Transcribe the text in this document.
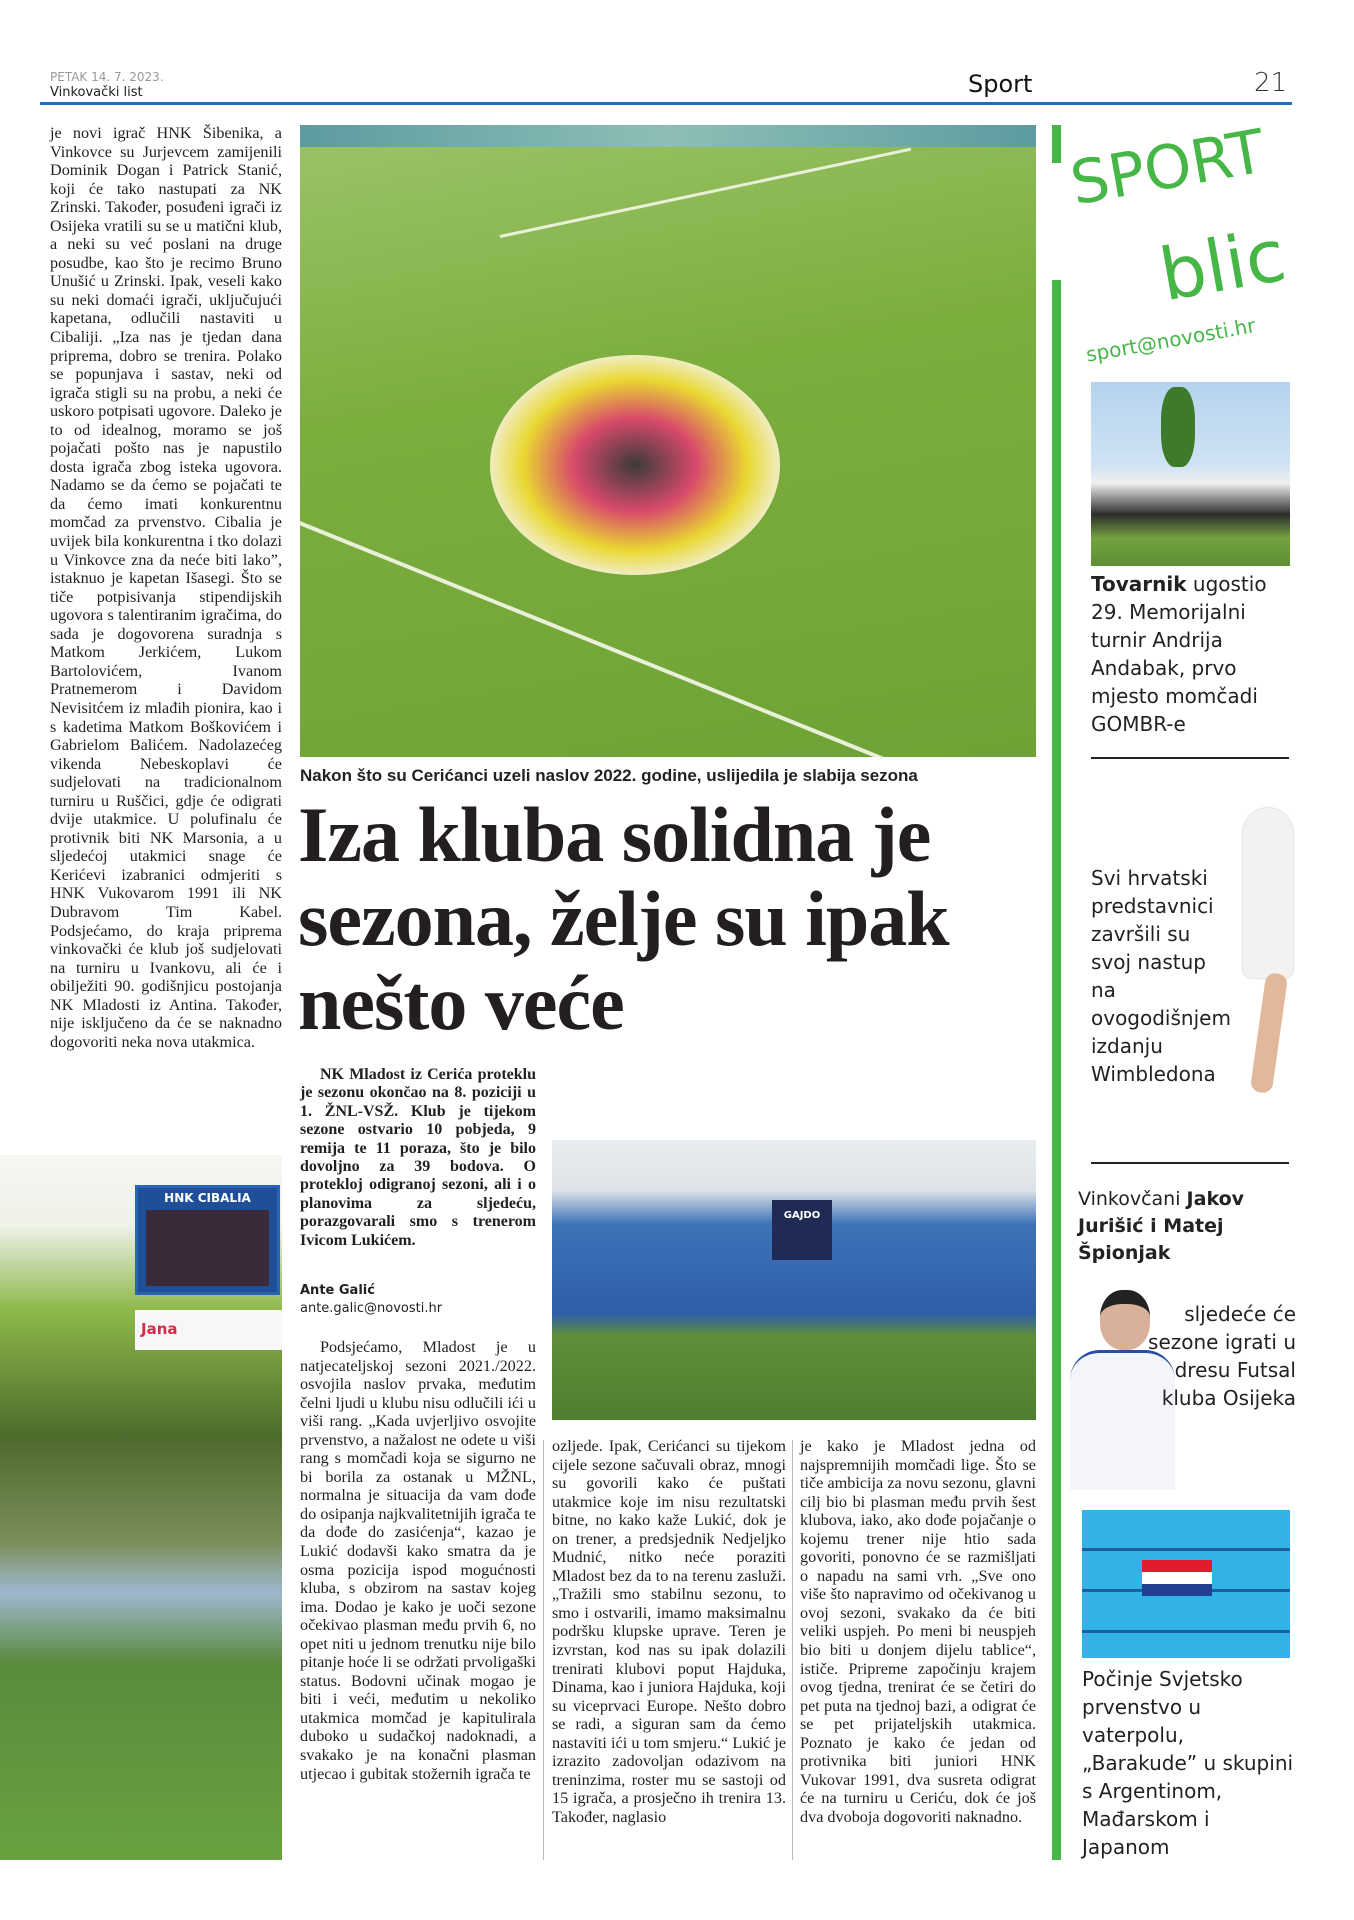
PETAK 14. 7. 2023.
Vinkovački list	Sport	21
je novi igrač HNK Šibenika, a Vinkovce su Jurjevcem zamijenili Dominik Dogan i Patrick Stanić, koji će tako nastupati za NK Zrinski. Također, posuđeni igrači iz Osijeka vratili su se u matični klub, a neki su već poslani na druge posudbe, kao što je recimo Bruno Unušić u Zrinski. Ipak, veseli kako su neki domaći igrači, uključujući kapetana, odlučili nastaviti u Cibaliji. „Iza nas je tjedan dana priprema, dobro se trenira. Polako se popunjava i sastav, neki od igrača stigli su na probu, a neki će uskoro potpisati ugovore. Daleko je to od idealnog, moramo se još pojačati pošto nas je napustilo dosta igrača zbog isteka ugovora. Nadamo se da ćemo se pojačati te da ćemo imati konkurentnu momčad za prvenstvo. Cibalia je uvijek bila konkurentna i tko dolazi u Vinkovce zna da neće biti lako”, istaknuo je kapetan Išasegi. Što se tiče potpisivanja stipendijskih ugovora s talentiranim igračima, do sada je dogovorena suradnja s Matkom Jerkićem, Lukom Bartolovićem, Ivanom Pratnemerom i Davidom Nevisitćem iz mlađih pionira, kao i s kadetima Matkom Boškovićem i Gabrielom Balićem. Nadolazećeg vikenda Nebeskoplavi će sudjelovati na tradicionalnom turniru u Ruščici, gdje će odigrati dvije utakmice. U polufinalu će protivnik biti NK Marsonia, a u sljedećoj utakmici snage će Kerićevi izabranici odmjeriti s HNK Vukovarom 1991 ili NK Dubravom Tim Kabel. Podsjećamo, do kraja priprema vinkovački će klub još sudjelovati na turniru u Ivankovu, ali će i obilježiti 90. godišnjicu postojanja NK Mladosti iz Antina. Također, nije isključeno da će se naknadno dogovoriti neka nova utakmica.
HNK CIBALIA
Jana
Nakon što su Cerićanci uzeli naslov 2022. godine, uslijedila je slabija sezona
Iza kluba solidna je sezona, želje su ipak nešto veće
NK Mladost iz Cerića proteklu je sezonu okončao na 8. poziciji u 1. ŽNL-VSŽ. Klub je tijekom sezone ostvario 10 pobjeda, 9 remija te 11 poraza, što je bilo dovoljno za 39 bodova. O protekloj odigranoj sezoni, ali i o planovima za sljedeću, porazgovarali smo s trenerom Ivicom Lukićem.
Ante Galić
ante.galic@novosti.hr
Podsjećamo, Mladost je u natjecateljskoj sezoni 2021./2022. osvojila naslov prvaka, međutim čelni ljudi u klubu nisu odlučili ići u viši rang. „Kada uvjerljivo osvojite prvenstvo, a nažalost ne odete u viši rang s momčadi koja se sigurno ne bi borila za ostanak u MŽNL, normalna je situacija da vam dođe do osipanja najkvalitetnijih igrača te da dođe do zasićenja“, kazao je Lukić dodavši kako smatra da je osma pozicija ispod mogućnosti kluba, s obzirom na sastav kojeg ima. Dodao je kako je uoči sezone očekivao plasman među prvih 6, no opet niti u jednom trenutku nije bilo pitanje hoće li se održati prvoligaški status. Bodovni učinak mogao je biti i veći, međutim u nekoliko utakmica momčad je kapitulirala duboko u sudačkoj nadoknadi, a svakako je na konačni plasman utjecao i gubitak stožernih igrača te
GAJDO
ozljede. Ipak, Cerićanci su tijekom cijele sezone sačuvali obraz, mnogi su govorili kako će puštati utakmice koje im nisu rezultatski bitne, no kako kaže Lukić, dok je on trener, a predsjednik Nedjeljko Mudnić, nitko neće poraziti Mladost bez da to na terenu zasluži. „Tražili smo stabilnu sezonu, to smo i ostvarili, imamo maksimalnu podršku klupske uprave. Teren je izvrstan, kod nas su ipak dolazili trenirati klubovi poput Hajduka, Dinama, kao i juniora Hajduka, koji su viceprvaci Europe. Nešto dobro se radi, a siguran sam da ćemo nastaviti ići u tom smjeru.“ Lukić je izrazito zadovoljan odazivom na treninzima, roster mu se sastoji od 15 igrača, a prosječno ih trenira 13. Također, naglasio
je kako je Mladost jedna od najspremnijih momčadi lige. Što se tiče ambicija za novu sezonu, glavni cilj bio bi plasman među prvih šest klubova, iako, ako dođe pojačanje o kojemu trener nije htio sada govoriti, ponovno će se razmišljati o napadu na sami vrh. „Sve ono više što napravimo od očekivanog u ovoj sezoni, svakako da će biti veliki uspjeh. Po meni bi neuspjeh bio biti u donjem dijelu tablice“, ističe. Pripreme započinju krajem ovog tjedna, trenirat će se četiri do pet puta na tjednoj bazi, a odigrat će se pet prijateljskih utakmica. Poznato je kako će jedan od protivnika biti juniori HNK Vukovar 1991, dva susreta odigrat će na turniru u Ceriću, dok će još dva dvoboja dogovoriti naknadno.
SPORT
blic
sport@novosti.hr
Tovarnik ugostio 29. Memorijalni turnir Andrija Andabak, prvo mjesto momčadi GOMBR-e
Svi hrvatski predstavnici završili su svoj nastup na ovogodišnjem izdanju Wimbledona
Vinkovčani Jakov Jurišić i Matej Špionjak
sljedeće će sezone igrati u dresu Futsal kluba Osijeka
Počinje Svjetsko prvenstvo u vaterpolu, „Barakude” u skupini s Argentinom, Mađarskom i Japanom
